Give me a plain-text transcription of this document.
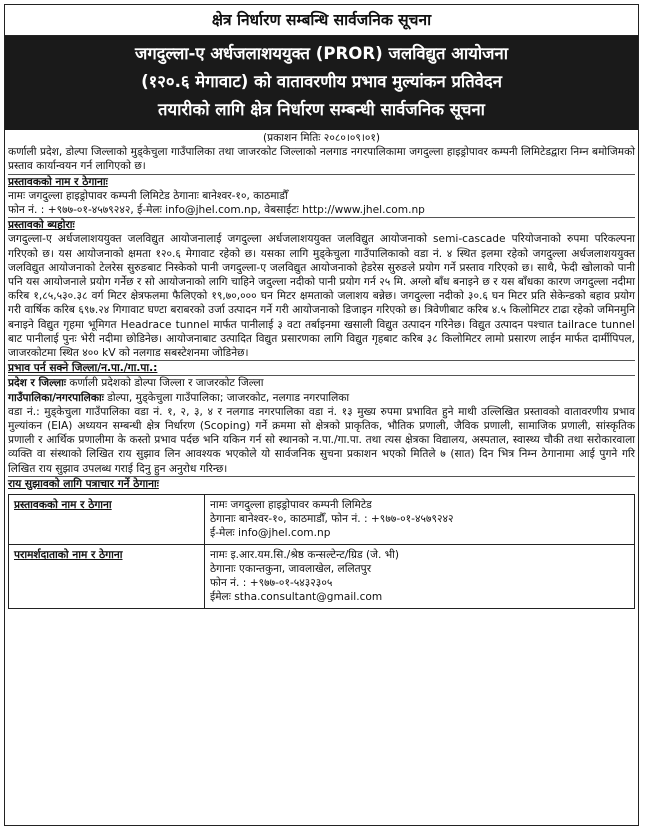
क्षेत्र निर्धारण सम्बन्धि सार्वजनिक सूचना
जगदुल्ला-ए अर्धजलाशययुक्त (PROR) जलविद्युत आयोजना
(१२०.६ मेगावाट) को वातावरणीय प्रभाव मुल्यांकन प्रतिवेदन
तयारीको लागि क्षेत्र निर्धारण सम्बन्धी सार्वजनिक सूचना
(प्रकाशन मितिः २०८०।०९।०१)

कर्णाली प्रदेश, डोल्पा जिल्लाको मुड्केचुला गाउँपालिका तथा जाजरकोट जिल्लाको नलगाड नगरपालिकामा जगदुल्ला हाइड्रोपावर कम्पनी लिमिटेडद्वारा निम्न बमोजिमको प्रस्ताव कार्यान्वयन गर्न लागिएको छ।

प्रस्तावकको नाम र ठेगानाः

नामः जगदुल्ला हाइड्रोपावर कम्पनी लिमिटेड ठेगानाः बानेश्वर-१०, काठमाडौँ

फोन नं. : +९७७-०१-४५७९२४२, ई-मेलः info@jhel.com.np, वेबसाईटः http://www.jhel.com.np

प्रस्तावको ब्यहोराः

जगदुल्ला-ए अर्धजलाशययुक्त जलविद्युत आयोजनालाई जगदुल्ला अर्धजलाशययुक्त जलविद्युत आयोजनाको semi-cascade परियोजनाको रुपमा परिकल्पना गरिएको छ। यस आयोजनाको क्षमता १२०.६ मेगावाट रहेको छ। यसका लागि मुड्केचुला गाउँपालिकाको वडा नं. ४ स्थित इलमा रहेको जगदुल्ला अर्धजलाशययुक्त जलविद्युत आयोजनाको टेलरेस सुरुङबाट निस्केको पानी जगदुल्ला-ए जलविद्युत आयोजनाको हेडरेस सुरुङले प्रयोग गर्ने प्रस्ताव गरिएको छ। साथै, फेदी खोलाको पानी पनि यस आयोजनाले प्रयोग गर्नेछ र सो आयोजनाको लागि चाहिने जदुल्ला नदीको पानी प्रयोग गर्न २५ मि. अग्लो बाँध बनाइने छ र यस बाँधका कारण जगदुल्ला नदीमा करिब १,८५,५३०.३८ वर्ग मिटर क्षेत्रफलमा फैलिएको १९,७०,००० घन मिटर क्षमताको जलाशय बन्नेछ। जगदुल्ला नदीको ३०.६ घन मिटर प्रति सेकेन्डको बहाव प्रयोग गरी वार्षिक करिब ६९७.२४ गिगावाट घण्टा बराबरको उर्जा उत्पादन गर्ने गरी आयोजनाको डिजाइन गरिएको छ। त्रिवेणीबाट करिब ४.५ किलोमिटर टाढा रहेको जमिनमुनि बनाइने विद्युत गृहमा भूमिगत Headrace tunnel मार्फत पानीलाई ३ वटा तर्बाइनमा खसाली विद्युत उत्पादन गरिनेछ। विद्युत उत्पादन पश्चात tailrace tunnel बाट पानीलाई पुनः भेरी नदीमा छोडिनेछ। आयोजनाबाट उत्पादित विद्युत प्रसारणका लागि विद्युत गृहबाट करिब ३८ किलोमिटर लामो प्रसारण लाईन मार्फत दार्मीपिपल, जाजरकोटमा स्थित ४०० kV को नलगाड सबस्टेशनमा जोडिनेछ।

प्रभाव पर्न सक्ने जिल्ला/न.पा./गा.पा.:

प्रदेश र जिल्लाः कर्णाली प्रदेशको डोल्पा जिल्ला र जाजरकोट जिल्ला

गाउँपालिका/नगरपालिकाः डोल्पा, मुड्केचुला गाउँपालिका; जाजरकोट, नलगाड नगरपालिका

वडा नं.: मुड्केचुला गाउँपालिका वडा नं. १, २, ३, ४ र नलगाड नगरपालिका वडा नं. १३ मुख्य रुपमा प्रभावित हुने माथी उल्लिखित प्रस्तावको वातावरणीय प्रभाव मुल्यांकन (EIA) अध्ययन सम्बन्धी क्षेत्र निर्धारण (Scoping) गर्ने क्रममा सो क्षेत्रको प्राकृतिक, भौतिक प्रणाली, जैविक प्रणाली, सामाजिक प्रणाली, सांस्कृतिक प्रणाली र आर्थिक प्रणालीमा के कस्तो प्रभाव पर्दछ भनि यकिन गर्न सो स्थानको न.पा./गा.पा. तथा त्यस क्षेत्रका विद्यालय, अस्पताल, स्वास्थ्य चौकी तथा सरोकारवाला व्यक्ति वा संस्थाको लिखित राय सुझाव लिन आवश्यक भएकोले यो सार्वजनिक सुचना प्रकाशन भएको मितिले ७ (सात) दिन भित्र निम्न ठेगानामा आई पुगने गरि लिखित राय सुझाव उपलब्ध गराई दिनु हुन अनुरोध गरिन्छ।

राय सुझावको लागि पत्राचार गर्ने ठेगानाः

प्रस्तावकको नाम र ठेगाना	नामः जगदुल्ला हाइड्रोपावर कम्पनी लिमिटेड
ठेगानाः बानेश्वर-१०, काठमाडौँ, फोन नं. : +९७७-०१-४५७९२४२
ई-मेलः info@jhel.com.np

परामर्शदाताको नाम र ठेगाना	नामः इ.आर.यम.सि./श्रेष्ठ कन्सल्टेन्ट/ग्रिड (जे. भी)
ठेगानाः एकान्तकुना, जावलाखेल, ललितपुर
फोन नं. : +९७७-०१-५४३२३०५
ईमेलः stha.consultant@gmail.com
